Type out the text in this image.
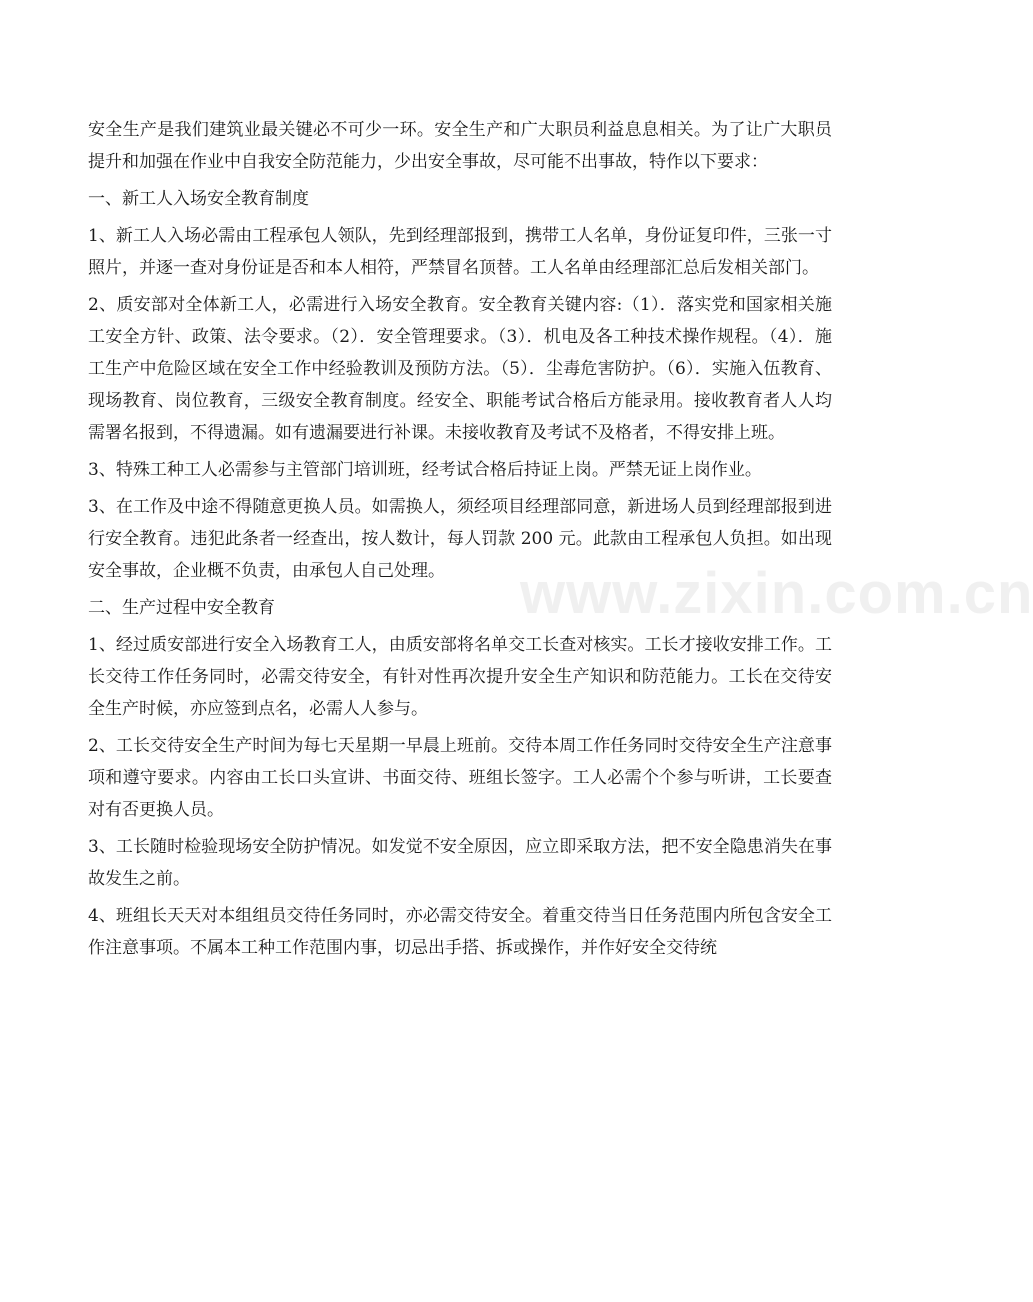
www.zixin.com.cn

安全生产是我们建筑业最关键必不可少一环。安全生产和广大职员利益息息相关。为了让广大职员提升和加强在作业中自我安全防范能力，少出安全事故，尽可能不出事故，特作以下要求：

一、新工人入场安全教育制度

1、新工人入场必需由工程承包人领队，先到经理部报到，携带工人名单，身份证复印件，三张一寸照片，并逐一查对身份证是否和本人相符，严禁冒名顶替。工人名单由经理部汇总后发相关部门。

2、质安部对全体新工人，必需进行入场安全教育。安全教育关键内容:（1）．落实党和国家相关施工安全方针、政策、法令要求。（2）．安全管理要求。（3）．机电及各工种技术操作规程。（4）．施工生产中危险区域在安全工作中经验教训及预防方法。（5）．尘毒危害防护。（6）．实施入伍教育、现场教育、岗位教育，三级安全教育制度。经安全、职能考试合格后方能录用。接收教育者人人均需署名报到，不得遗漏。如有遗漏要进行补课。未接收教育及考试不及格者，不得安排上班。

3、特殊工种工人必需参与主管部门培训班，经考试合格后持证上岗。严禁无证上岗作业。

3、在工作及中途不得随意更换人员。如需换人，须经项目经理部同意，新进场人员到经理部报到进行安全教育。违犯此条者一经查出，按人数计，每人罚款 200 元。此款由工程承包人负担。如出现安全事故，企业概不负责，由承包人自己处理。

二、生产过程中安全教育

1、经过质安部进行安全入场教育工人，由质安部将名单交工长查对核实。工长才接收安排工作。工长交待工作任务同时，必需交待安全，有针对性再次提升安全生产知识和防范能力。工长在交待安全生产时候，亦应签到点名，必需人人参与。

2、工长交待安全生产时间为每七天星期一早晨上班前。交待本周工作任务同时交待安全生产注意事项和遵守要求。内容由工长口头宣讲、书面交待、班组长签字。工人必需个个参与听讲，工长要查对有否更换人员。

3、工长随时检验现场安全防护情况。如发觉不安全原因，应立即采取方法，把不安全隐患消失在事故发生之前。

4、班组长天天对本组组员交待任务同时，亦必需交待安全。着重交待当日任务范围内所包含安全工作注意事项。不属本工种工作范围内事，切忌出手搭、拆或操作，并作好安全交待统
